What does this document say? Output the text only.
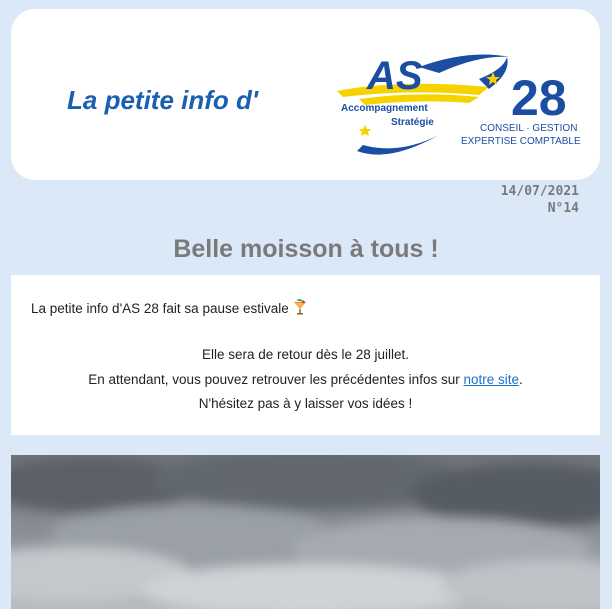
La petite info d'
AS
Accompagnement
Stratégie 28
CONSEIL · GESTION
EXPERTISE COMPTABLE
14/07/2021
N°14
Belle moisson à tous !
La petite info d'AS 28 fait sa pause estivale
Elle sera de retour dès le 28 juillet.
En attendant, vous pouvez retrouver les précédentes infos sur notre site.
N'hésitez pas à y laisser vos idées !
